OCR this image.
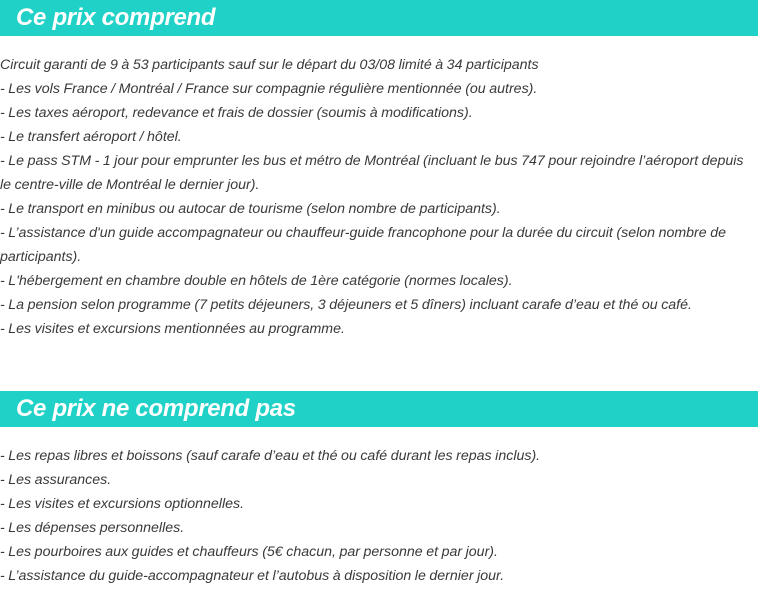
Ce prix comprend

Circuit garanti de 9 à 53 participants sauf sur le départ du 03/08 limité à 34 participants

- Les vols France / Montréal / France sur compagnie régulière mentionnée (ou autres).

- Les taxes aéroport, redevance et frais de dossier (soumis à modifications).

- Le transfert aéroport / hôtel.

- Le pass STM - 1 jour pour emprunter les bus et métro de Montréal (incluant le bus 747 pour rejoindre l’aéroport depuis le centre-ville de Montréal le dernier jour).

- Le transport en minibus ou autocar de tourisme (selon nombre de participants).

- L’assistance d'un guide accompagnateur ou chauffeur-guide francophone pour la durée du circuit (selon nombre de participants).

- L'hébergement en chambre double en hôtels de 1ère catégorie (normes locales).

- La pension selon programme (7 petits déjeuners, 3 déjeuners et 5 dîners) incluant carafe d’eau et thé ou café.

- Les visites et excursions mentionnées au programme.

Ce prix ne comprend pas

- Les repas libres et boissons (sauf carafe d’eau et thé ou café durant les repas inclus).

- Les assurances.

- Les visites et excursions optionnelles.

- Les dépenses personnelles.

- Les pourboires aux guides et chauffeurs (5€ chacun, par personne et par jour).

- L’assistance du guide-accompagnateur et l’autobus à disposition le dernier jour.
